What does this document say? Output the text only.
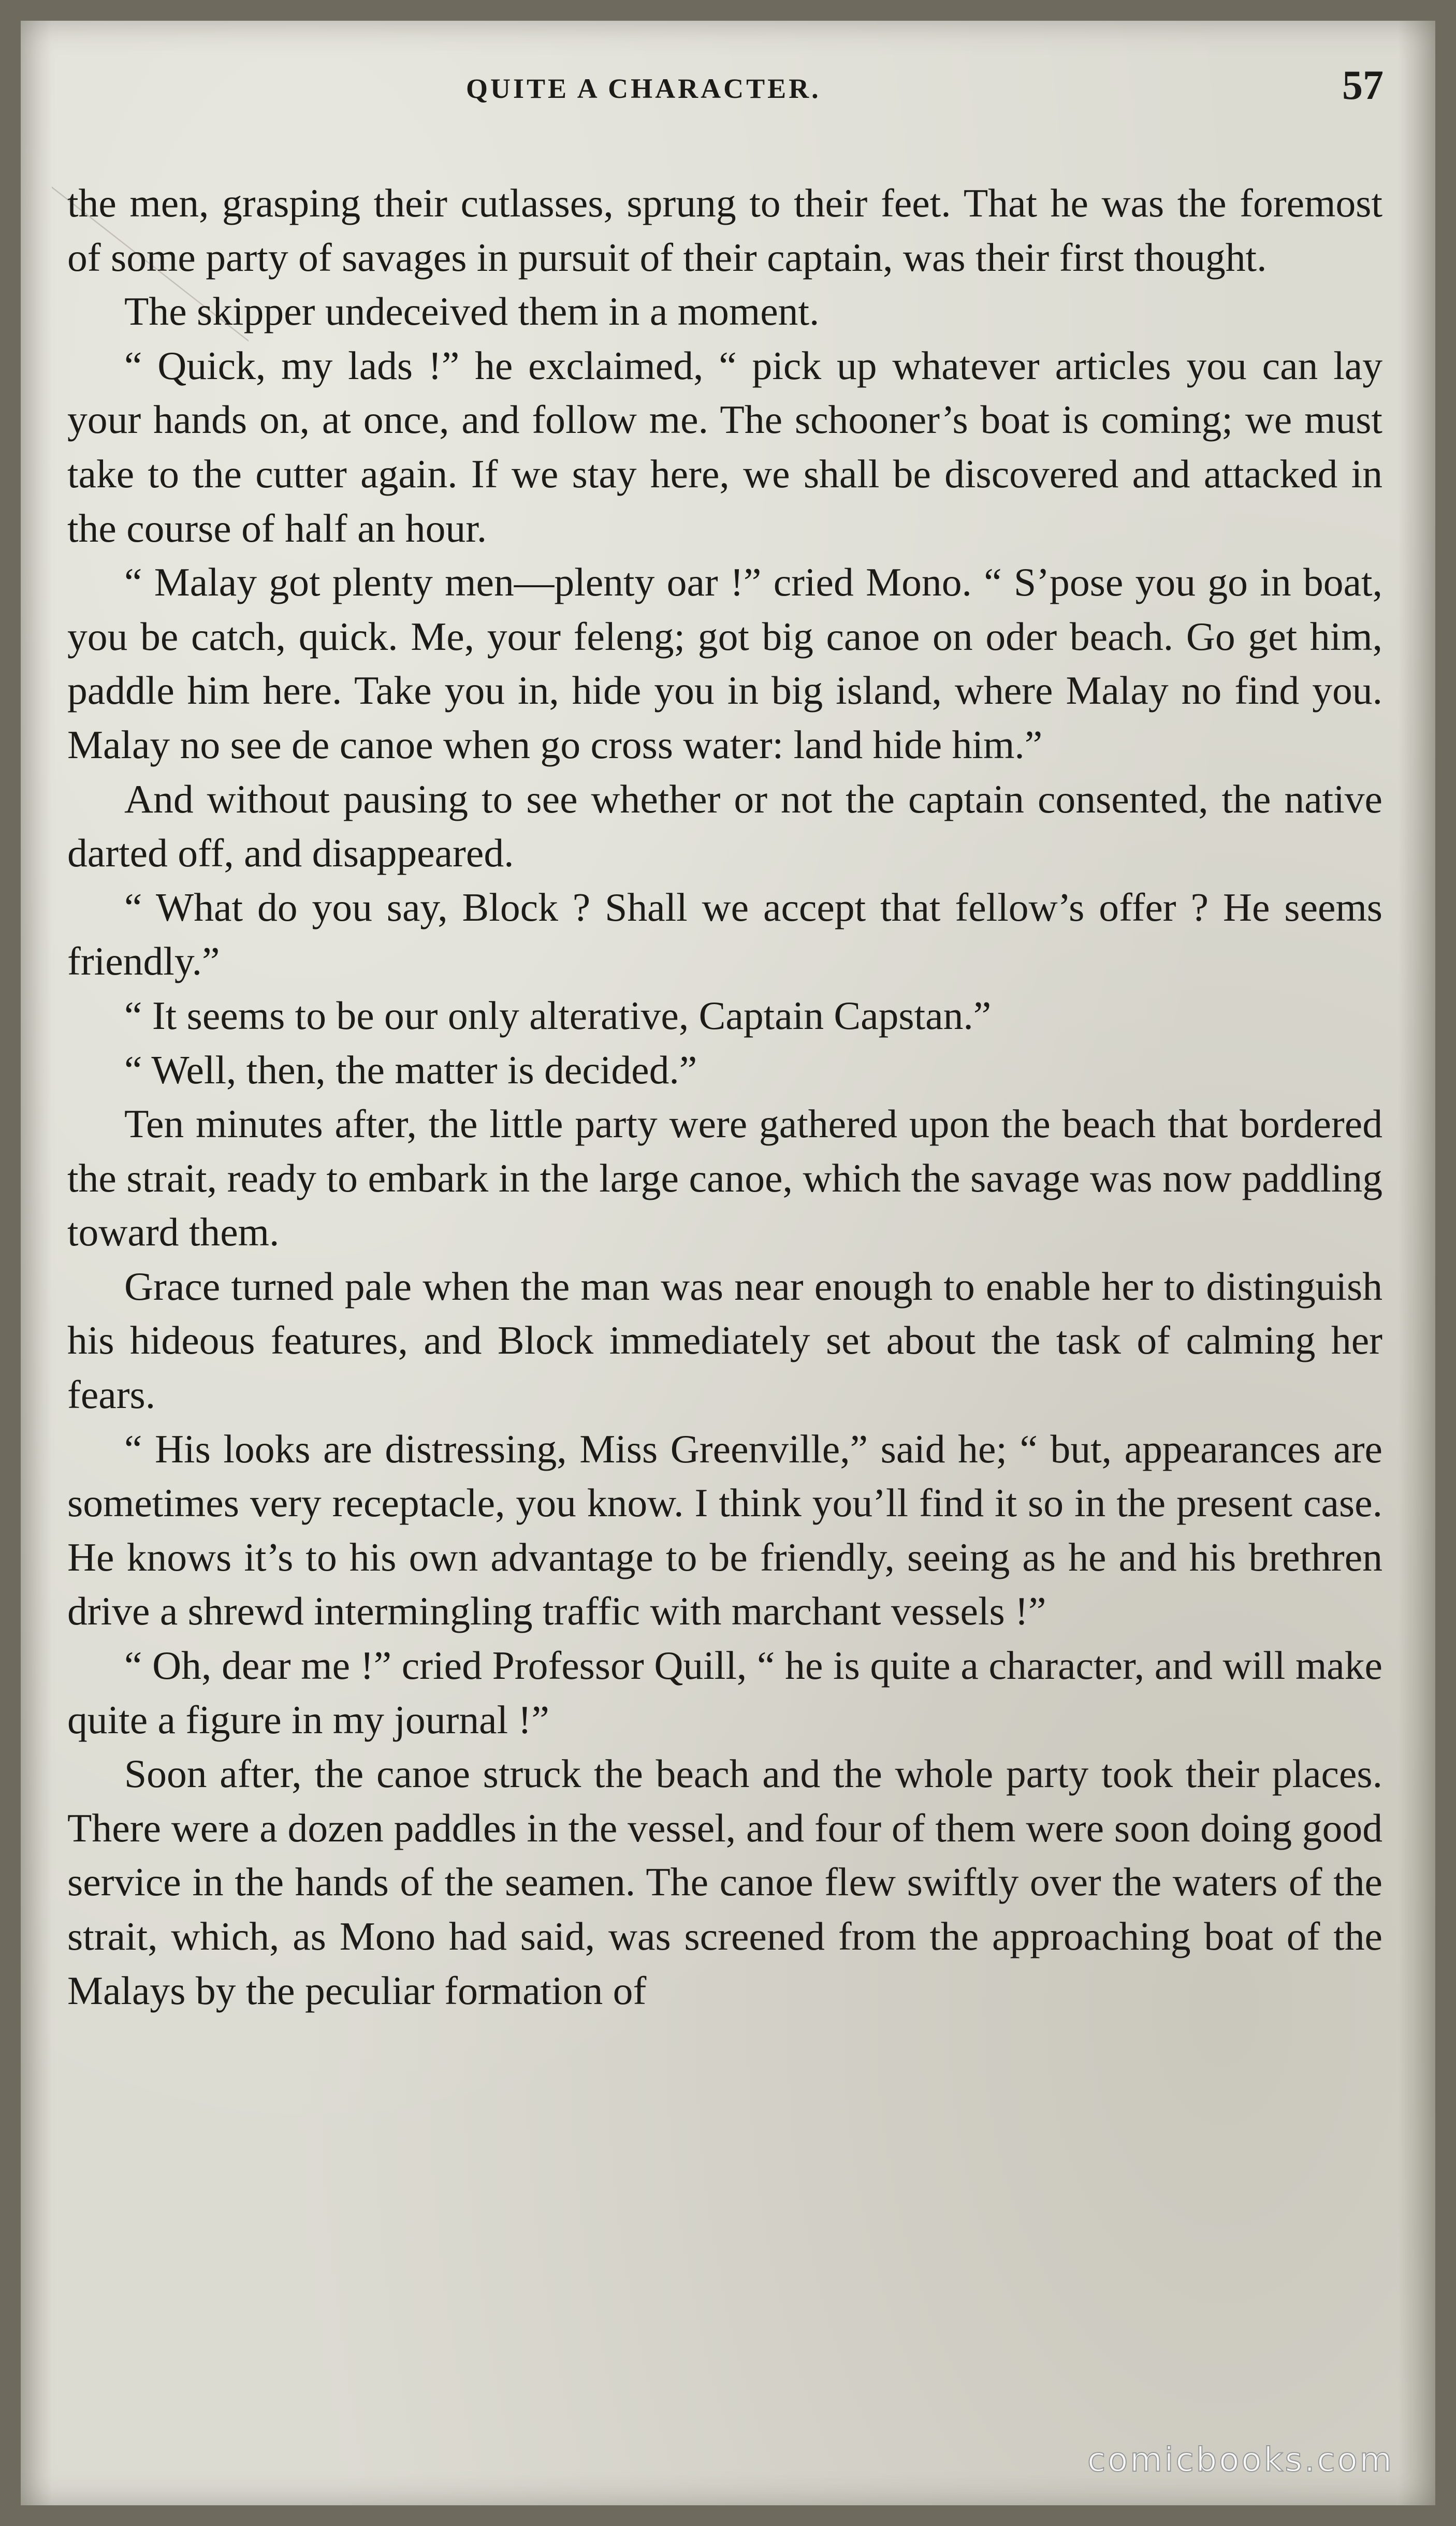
QUITE A CHARACTER.	57

the men, grasping their cutlasses, sprung to their feet. That he was the foremost of some party of savages in pursuit of their captain, was their first thought.

The skipper undeceived them in a moment.

“ Quick, my lads !” he exclaimed, “ pick up whatever articles you can lay your hands on, at once, and follow me. The schooner’s boat is coming; we must take to the cutter again. If we stay here, we shall be discovered and attacked in the course of half an hour.

“ Malay got plenty men—plenty oar !” cried Mono. “ S’pose you go in boat, you be catch, quick. Me, your feleng; got big canoe on oder beach. Go get him, paddle him here. Take you in, hide you in big island, where Malay no find you. Malay no see de canoe when go cross water: land hide him.”

And without pausing to see whether or not the captain consented, the native darted off, and disappeared.

“ What do you say, Block ? Shall we accept that fellow’s offer ? He seems friendly.”

“ It seems to be our only alterative, Captain Capstan.”

“ Well, then, the matter is decided.”

Ten minutes after, the little party were gathered upon the beach that bordered the strait, ready to embark in the large canoe, which the savage was now paddling toward them.

Grace turned pale when the man was near enough to enable her to distinguish his hideous features, and Block immediately set about the task of calming her fears.

“ His looks are distressing, Miss Greenville,” said he; “ but, appearances are sometimes very receptacle, you know. I think you’ll find it so in the present case. He knows it’s to his own advantage to be friendly, seeing as he and his brethren drive a shrewd intermingling traffic with marchant vessels !”

“ Oh, dear me !” cried Professor Quill, “ he is quite a character, and will make quite a figure in my journal !”

Soon after, the canoe struck the beach and the whole party took their places. There were a dozen paddles in the vessel, and four of them were soon doing good service in the hands of the seamen. The canoe flew swiftly over the waters of the strait, which, as Mono had said, was screened from the approaching boat of the Malays by the peculiar formation of

comicbooks.com
